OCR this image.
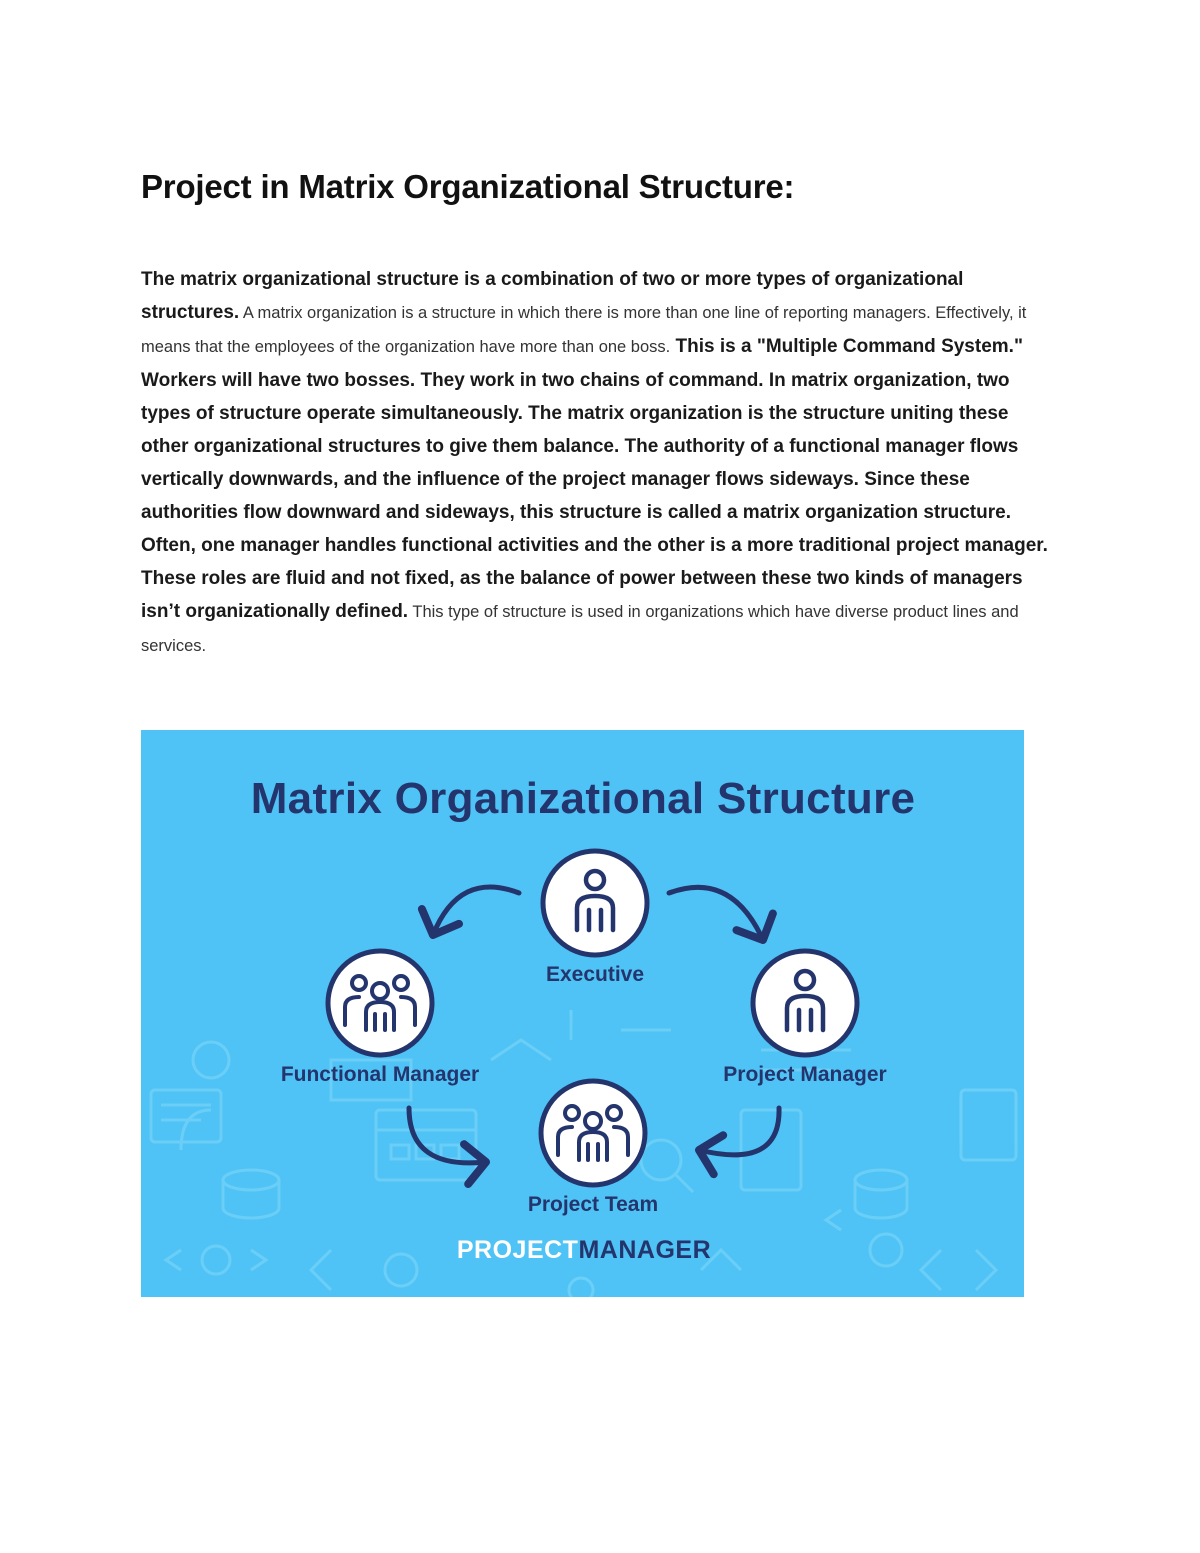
Project in Matrix Organizational Structure:

The matrix organizational structure is a combination of two or more types of organizational structures. A matrix organization is a structure in which there is more than one line of reporting managers. Effectively, it means that the employees of the organization have more than one boss. This is a "Multiple Command System." Workers will have two bosses. They work in two chains of command. In matrix organization, two types of structure operate simultaneously. The matrix organization is the structure uniting these other organizational structures to give them balance. The authority of a functional manager flows vertically downwards, and the influence of the project manager flows sideways. Since these authorities flow downward and sideways, this structure is called a matrix organization structure. Often, one manager handles functional activities and the other is a more traditional project manager. These roles are fluid and not fixed, as the balance of power between these two kinds of managers isn’t organizationally defined. This type of structure is used in organizations which have diverse product lines and services.

Matrix Organizational Structure
Executive
Functional Manager	Project Manager
Project Team
PROJECTMANAGER
